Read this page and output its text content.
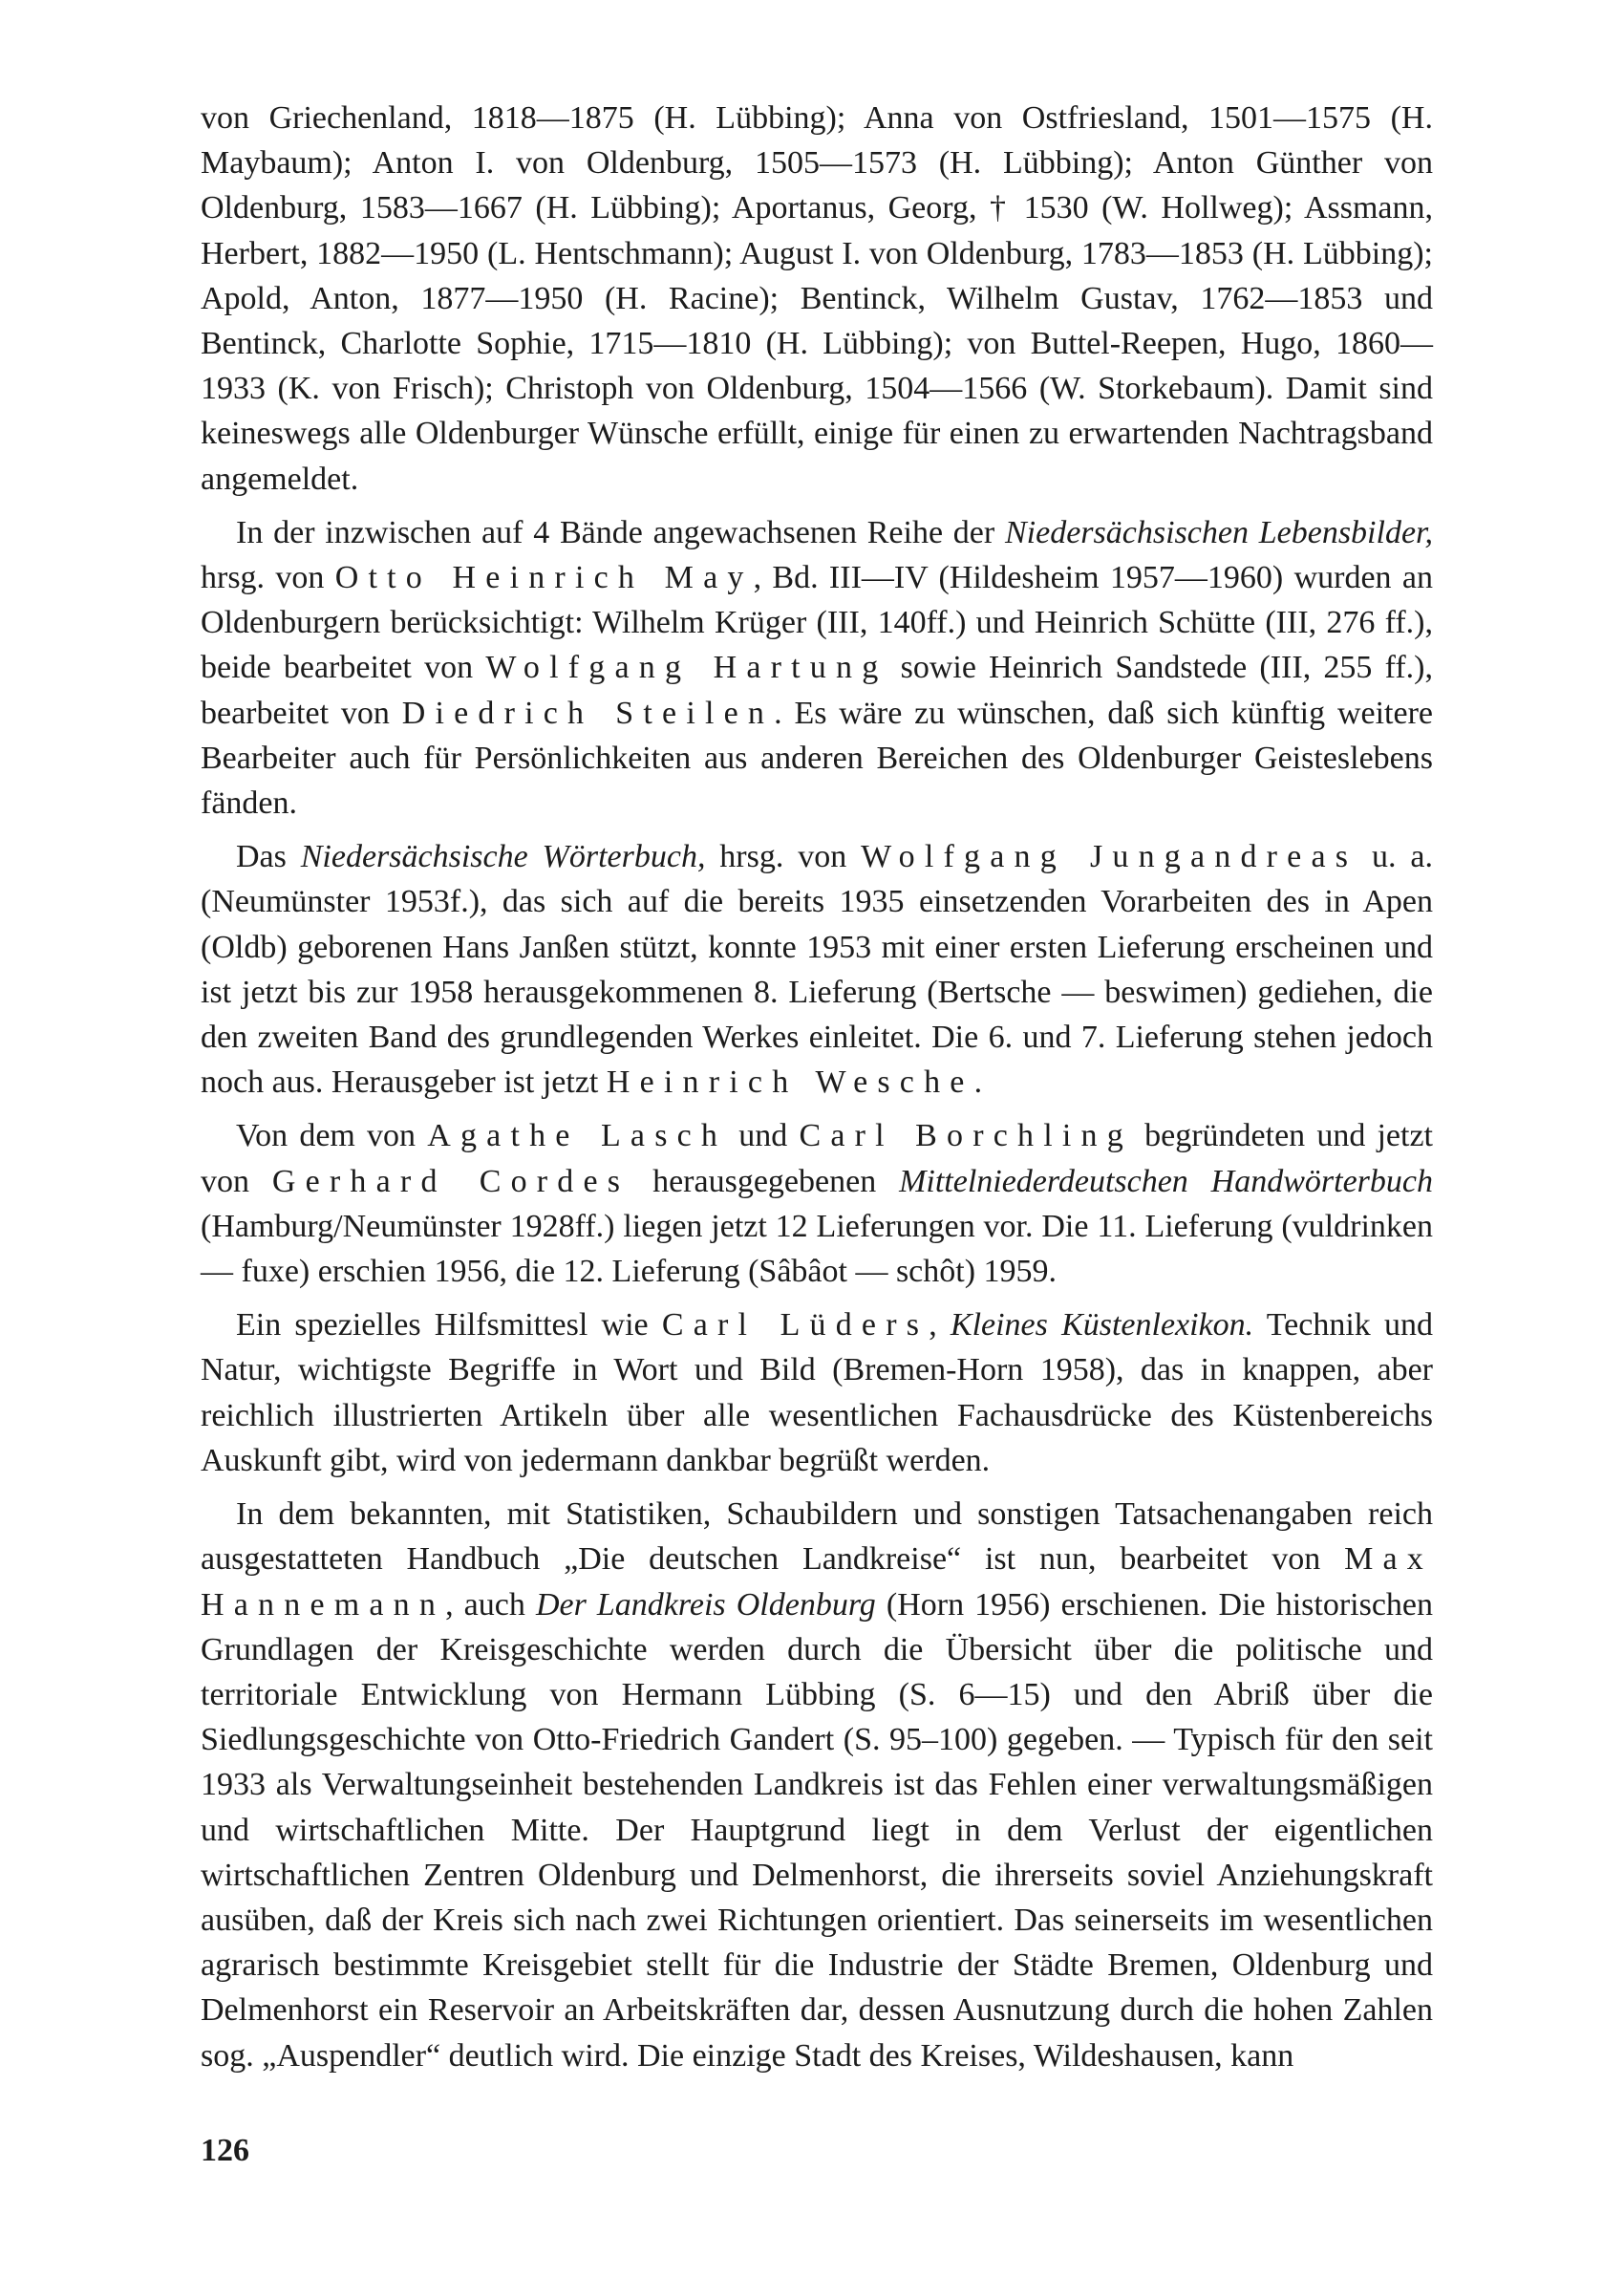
von Griechenland, 1818—1875 (H. Lübbing); Anna von Ostfriesland, 1501—1575 (H. Maybaum); Anton I. von Oldenburg, 1505—1573 (H. Lübbing); Anton Günther von Oldenburg, 1583—1667 (H. Lübbing); Aportanus, Georg, † 1530 (W. Hollweg); Assmann, Herbert, 1882—1950 (L. Hentschmann); August I. von Oldenburg, 1783—1853 (H. Lübbing); Apold, Anton, 1877—1950 (H. Racine); Bentinck, Wilhelm Gustav, 1762—1853 und Bentinck, Charlotte Sophie, 1715—1810 (H. Lübbing); von Buttel-Reepen, Hugo, 1860—1933 (K. von Frisch); Christoph von Oldenburg, 1504—1566 (W. Storkebaum). Damit sind keineswegs alle Oldenburger Wünsche erfüllt, einige für einen zu erwartenden Nachtragsband angemeldet.

In der inzwischen auf 4 Bände angewachsenen Reihe der Niedersächsischen Lebensbilder, hrsg. von Otto Heinrich May, Bd. III—IV (Hildesheim 1957—1960) wurden an Oldenburgern berücksichtigt: Wilhelm Krüger (III, 140ff.) und Heinrich Schütte (III, 276 ff.), beide bearbeitet von Wolfgang Hartung sowie Heinrich Sandstede (III, 255 ff.), bearbeitet von Diedrich Steilen. Es wäre zu wünschen, daß sich künftig weitere Bearbeiter auch für Persönlichkeiten aus anderen Bereichen des Oldenburger Geisteslebens fänden.

Das Niedersächsische Wörterbuch, hrsg. von Wolfgang Jungandreas u. a. (Neumünster 1953f.), das sich auf die bereits 1935 einsetzenden Vorarbeiten des in Apen (Oldb) geborenen Hans Janßen stützt, konnte 1953 mit einer ersten Lieferung erscheinen und ist jetzt bis zur 1958 herausgekommenen 8. Lieferung (Bertsche — beswimen) gediehen, die den zweiten Band des grundlegenden Werkes einleitet. Die 6. und 7. Lieferung stehen jedoch noch aus. Herausgeber ist jetzt Heinrich Wesche.

Von dem von Agathe Lasch und Carl Borchling begründeten und jetzt von Gerhard Cordes herausgegebenen Mittelniederdeutschen Handwörterbuch (Hamburg/Neumünster 1928ff.) liegen jetzt 12 Lieferungen vor. Die 11. Lieferung (vuldrinken — fuxe) erschien 1956, die 12. Lieferung (Sâbâot — schôt) 1959.

Ein spezielles Hilfsmittesl wie Carl Lüders, Kleines Küstenlexikon. Technik und Natur, wichtigste Begriffe in Wort und Bild (Bremen-Horn 1958), das in knappen, aber reichlich illustrierten Artikeln über alle wesentlichen Fachausdrücke des Küstenbereichs Auskunft gibt, wird von jedermann dankbar begrüßt werden.

In dem bekannten, mit Statistiken, Schaubildern und sonstigen Tatsachenangaben reich ausgestatteten Handbuch „Die deutschen Landkreise“ ist nun, bearbeitet von Max Hannemann, auch Der Landkreis Oldenburg (Horn 1956) erschienen. Die historischen Grundlagen der Kreisgeschichte werden durch die Übersicht über die politische und territoriale Entwicklung von Hermann Lübbing (S. 6—15) und den Abriß über die Siedlungsgeschichte von Otto-Friedrich Gandert (S. 95–100) gegeben. — Typisch für den seit 1933 als Verwaltungseinheit bestehenden Landkreis ist das Fehlen einer verwaltungsmäßigen und wirtschaftlichen Mitte. Der Hauptgrund liegt in dem Verlust der eigentlichen wirtschaftlichen Zentren Oldenburg und Delmenhorst, die ihrerseits soviel Anziehungskraft ausüben, daß der Kreis sich nach zwei Richtungen orientiert. Das seinerseits im wesentlichen agrarisch bestimmte Kreisgebiet stellt für die Industrie der Städte Bremen, Oldenburg und Delmenhorst ein Reservoir an Arbeitskräften dar, dessen Ausnutzung durch die hohen Zahlen sog. „Auspendler“ deutlich wird. Die einzige Stadt des Kreises, Wildeshausen, kann

126
